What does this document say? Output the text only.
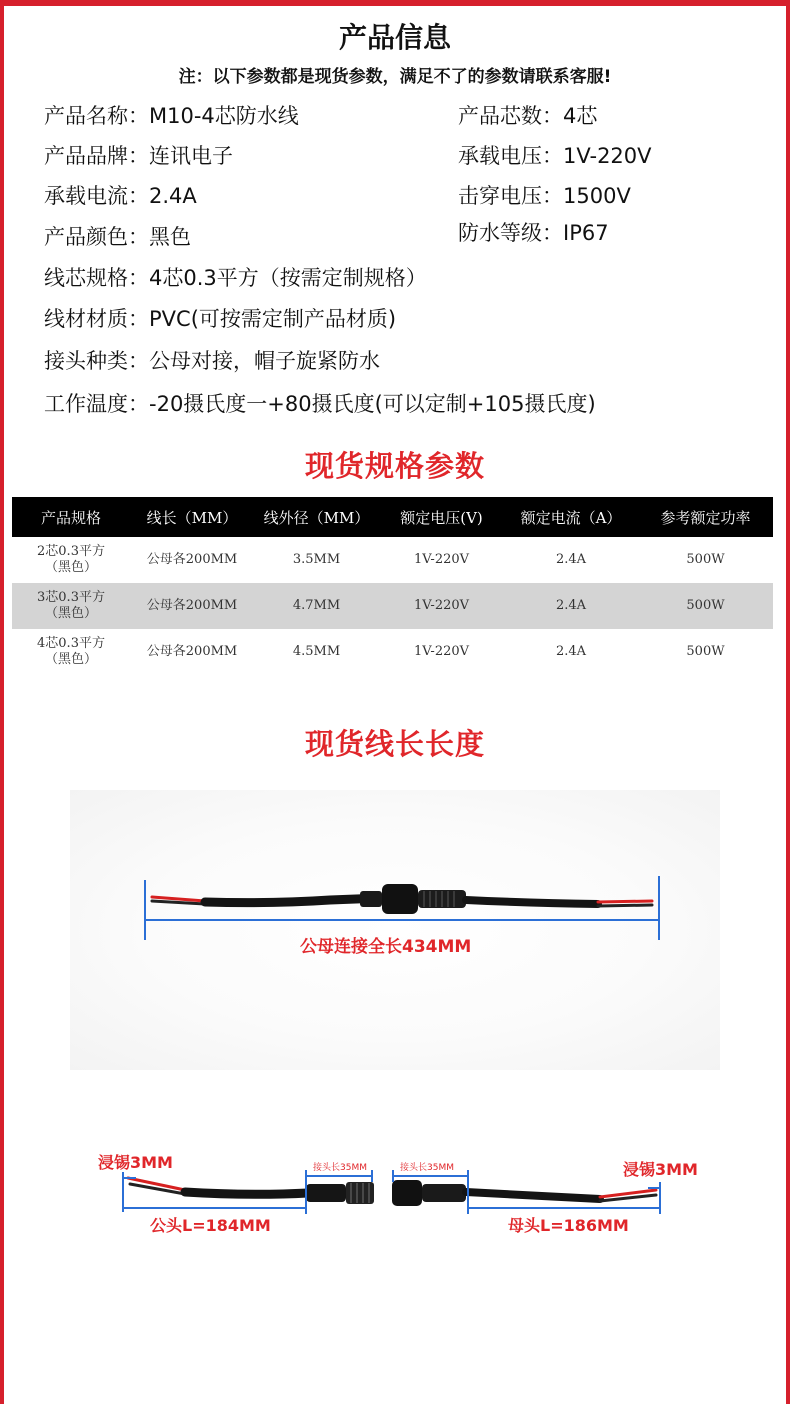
产品信息
注：以下参数都是现货参数，满足不了的参数请联系客服!
产品名称：M10-4芯防水线
产品品牌：连讯电子
承载电流：2.4A
产品颜色：黑色
线芯规格：4芯0.3平方（按需定制规格）
线材材质：PVC(可按需定制产品材质)
接头种类：公母对接，帽子旋紧防水
工作温度：-20摄氏度一+80摄氏度(可以定制+105摄氏度)
产品芯数：4芯
承载电压：1V-220V
击穿电压：1500V
防水等级：IP67
现货规格参数
产品规格	线长（MM）	线外径（MM）	额定电压(V)	额定电流（A）	参考额定功率
2芯0.3平方
（黑色）	公母各200MM	3.5MM	1V-220V	2.4A	500W
3芯0.3平方
（黑色）	公母各200MM	4.7MM	1V-220V	2.4A	500W
4芯0.3平方
（黑色）	公母各200MM	4.5MM	1V-220V	2.4A	500W
现货线长长度
公母连接全长434MM
浸锡3MM	浸锡3MM
接头长35MM	接头长35MM
公头L=184MM	母头L=186MM
